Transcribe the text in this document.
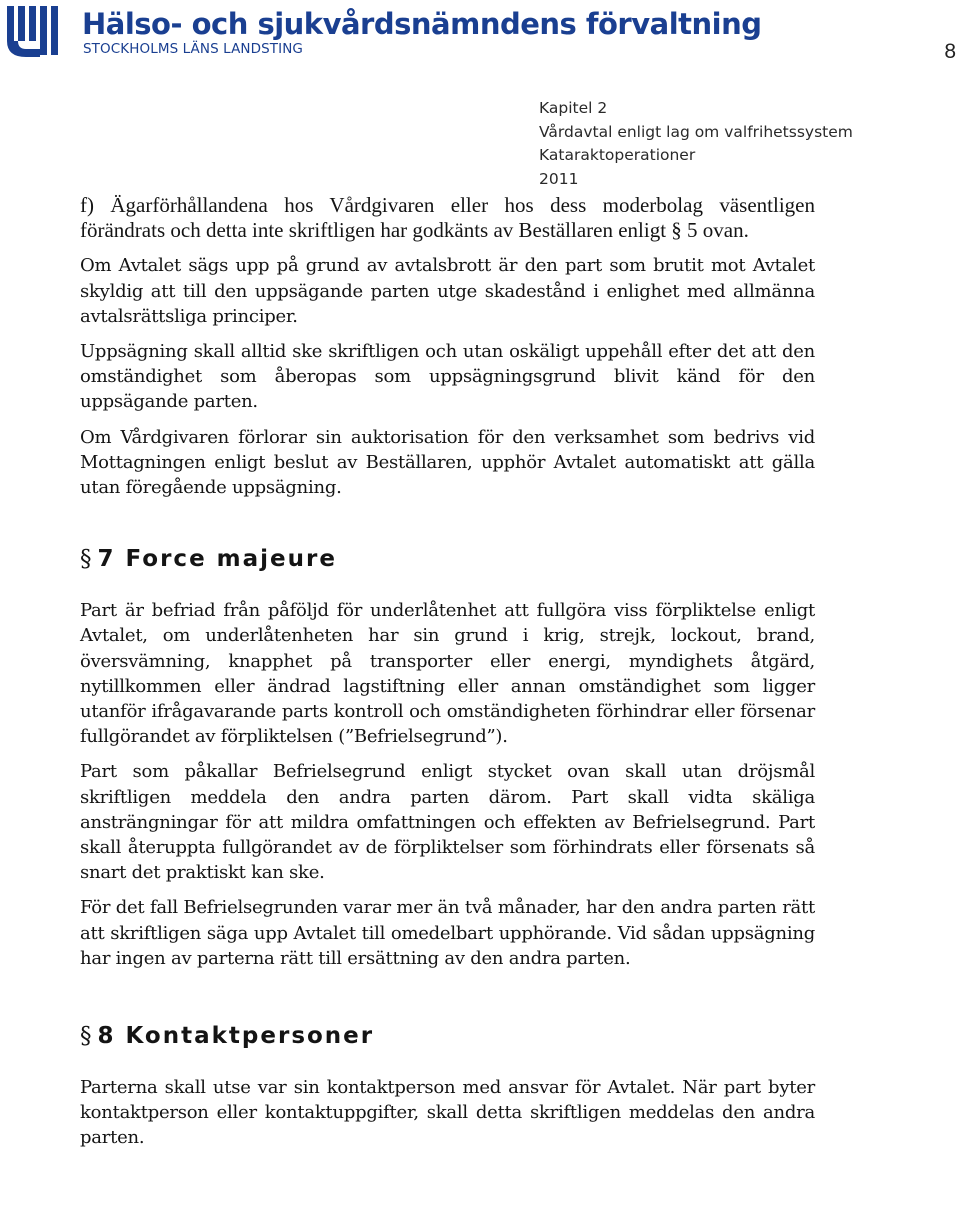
Hälso- och sjukvårdsnämndens förvaltning
STOCKHOLMS LÄNS LANDSTING	8
Kapitel 2
Vårdavtal enligt lag om valfrihetssystem
Kataraktoperationer
2011

f) Ägarförhållandena hos Vårdgivaren eller hos dess moderbolag väsentligen förändrats och detta inte skriftligen har godkänts av Beställaren enligt § 5 ovan.

Om Avtalet sägs upp på grund av avtalsbrott är den part som brutit mot Avtalet skyldig att till den uppsägande parten utge skadestånd i enlighet med allmänna avtalsrättsliga principer.

Uppsägning skall alltid ske skriftligen och utan oskäligt uppehåll efter det att den omständighet som åberopas som uppsägningsgrund blivit känd för den uppsägande parten.

Om Vårdgivaren förlorar sin auktorisation för den verksamhet som bedrivs vid Mottagningen enligt beslut av Beställaren, upphör Avtalet automatiskt att gälla utan föregående uppsägning.

§ 7 Force majeure

Part är befriad från påföljd för underlåtenhet att fullgöra viss förpliktelse enligt Avtalet, om underlåtenheten har sin grund i krig, strejk, lockout, brand, översvämning, knapphet på transporter eller energi, myndighets åtgärd, nytillkommen eller ändrad lagstiftning eller annan omständighet som ligger utanför ifrågavarande parts kontroll och omständigheten förhindrar eller försenar fullgörandet av förpliktelsen (”Befrielsegrund”).

Part som påkallar Befrielsegrund enligt stycket ovan skall utan dröjsmål skriftligen meddela den andra parten därom. Part skall vidta skäliga ansträngningar för att mildra omfattningen och effekten av Befrielsegrund. Part skall återuppta fullgörandet av de förpliktelser som förhindrats eller försenats så snart det praktiskt kan ske.

För det fall Befrielsegrunden varar mer än två månader, har den andra parten rätt att skriftligen säga upp Avtalet till omedelbart upphörande. Vid sådan uppsägning har ingen av parterna rätt till ersättning av den andra parten.

§ 8 Kontaktpersoner

Parterna skall utse var sin kontaktperson med ansvar för Avtalet. När part byter kontaktperson eller kontaktuppgifter, skall detta skriftligen meddelas den andra parten.
